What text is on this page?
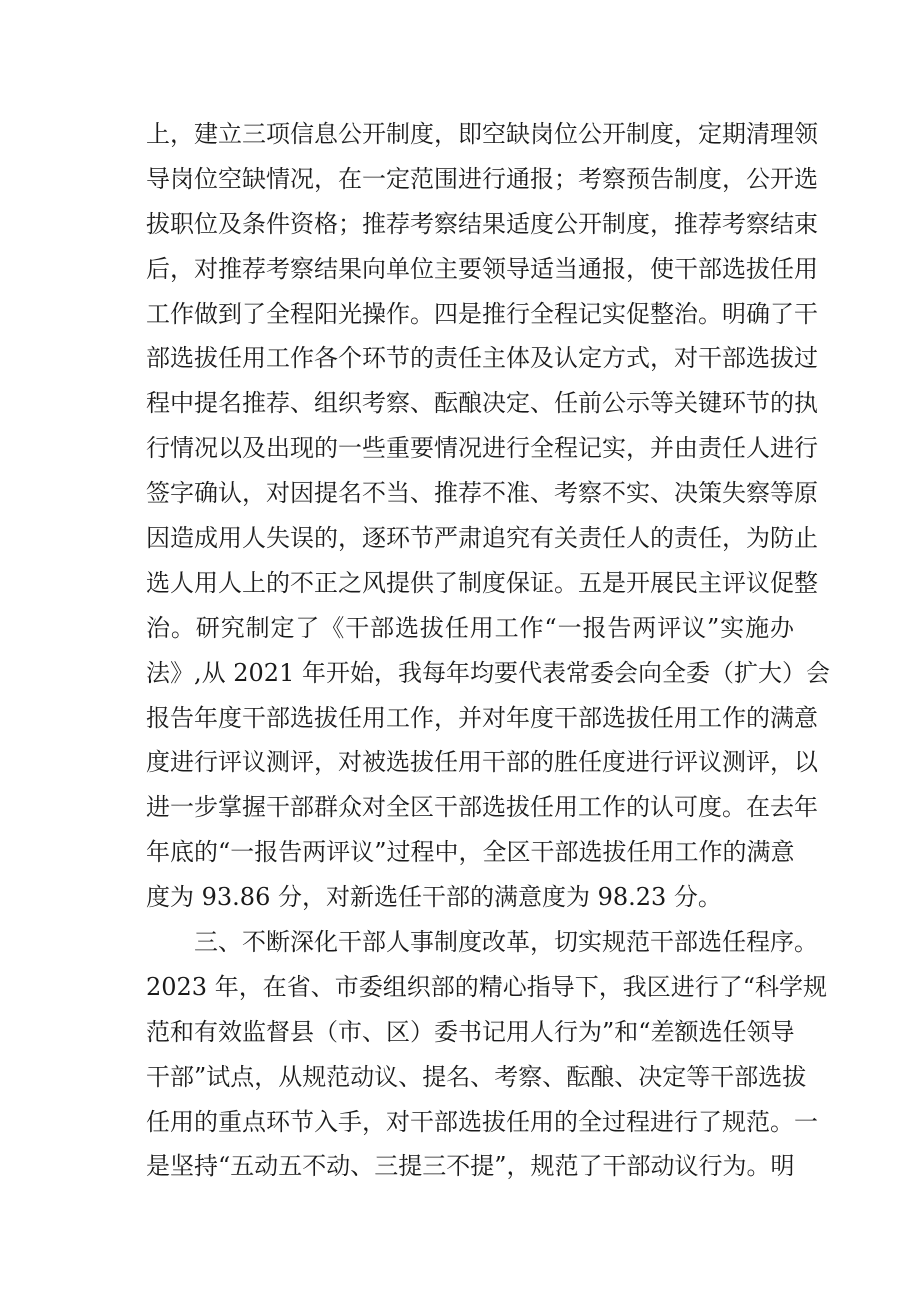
上，建立三项信息公开制度，即空缺岗位公开制度，定期清理领
导岗位空缺情况，在一定范围进行通报；考察预告制度，公开选
拔职位及条件资格；推荐考察结果适度公开制度，推荐考察结束
后，对推荐考察结果向单位主要领导适当通报，使干部选拔任用
工作做到了全程阳光操作。四是推行全程记实促整治。明确了干
部选拔任用工作各个环节的责任主体及认定方式，对干部选拔过
程中提名推荐、组织考察、酝酿决定、任前公示等关键环节的执
行情况以及出现的一些重要情况进行全程记实，并由责任人进行
签字确认，对因提名不当、推荐不准、考察不实、决策失察等原
因造成用人失误的，逐环节严肃追究有关责任人的责任，为防止
选人用人上的不正之风提供了制度保证。五是开展民主评议促整
治。研究制定了《干部选拔任用工作“一报告两评议”实施办
法》,从 2021 年开始，我每年均要代表常委会向全委（扩大）会
报告年度干部选拔任用工作，并对年度干部选拔任用工作的满意
度进行评议测评，对被选拔任用干部的胜任度进行评议测评，以
进一步掌握干部群众对全区干部选拔任用工作的认可度。在去年
年底的“一报告两评议”过程中，全区干部选拔任用工作的满意
度为 93.86 分，对新选任干部的满意度为 98.23 分。
三、不断深化干部人事制度改革，切实规范干部选任程序。
2023 年，在省、市委组织部的精心指导下，我区进行了“科学规
范和有效监督县（市、区）委书记用人行为”和“差额选任领导
干部”试点，从规范动议、提名、考察、酝酿、决定等干部选拔
任用的重点环节入手，对干部选拔任用的全过程进行了规范。一
是坚持“五动五不动、三提三不提”，规范了干部动议行为。明
